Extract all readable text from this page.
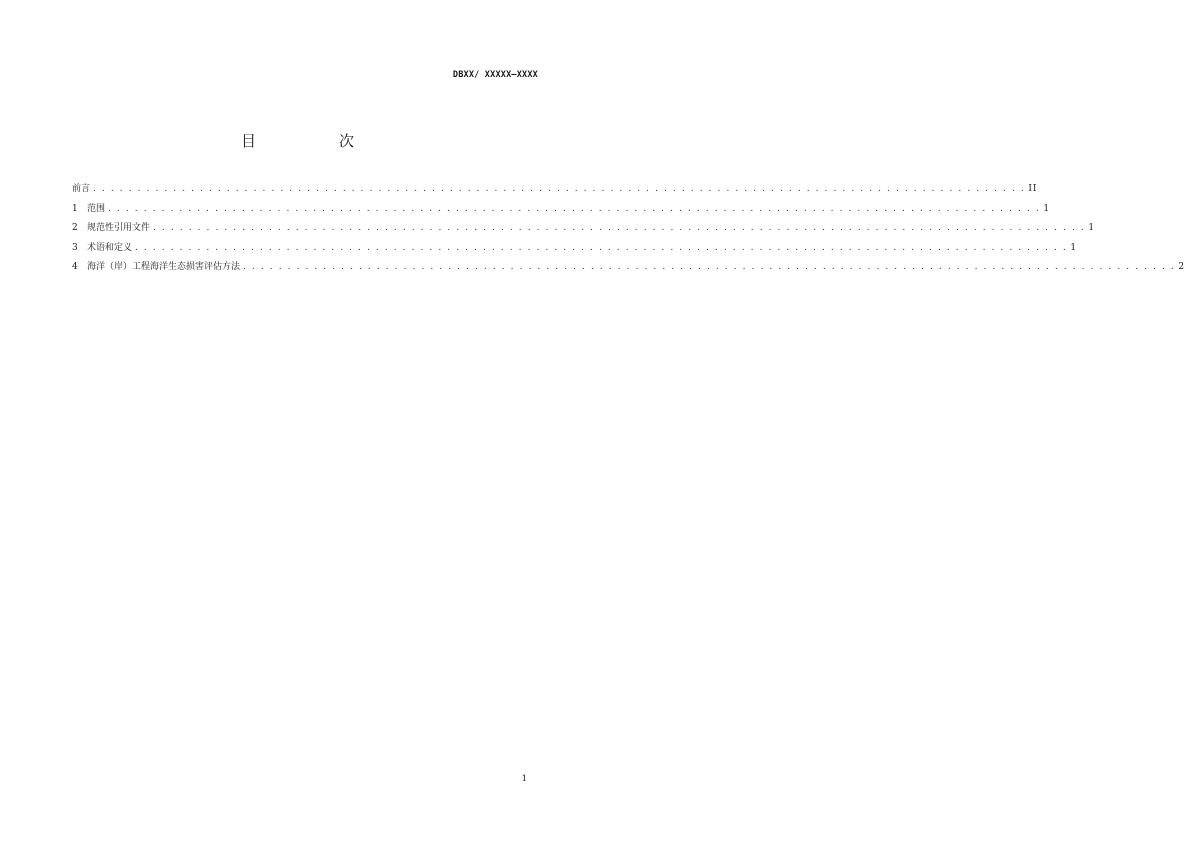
DBXX/ XXXXX—XXXX
目　次
前言 . . . . . . . . . . . . . . . . . . . . . . . . . . . . . . . . . . . . . . . . . . . . . . . . . . . . . . . . . . . . . . . . . . . . . . . . . . . . . . . . . . . . . . . . . . . . . . . . . . . . . . . . . II
1	范围 . . . . . . . . . . . . . . . . . . . . . . . . . . . . . . . . . . . . . . . . . . . . . . . . . . . . . . . . . . . . . . . . . . . . . . . . . . . . . . . . . . . . . . . . . . . . . . . . . . . . . . . . . 1
2	规范性引用文件 . . . . . . . . . . . . . . . . . . . . . . . . . . . . . . . . . . . . . . . . . . . . . . . . . . . . . . . . . . . . . . . . . . . . . . . . . . . . . . . . . . . . . . . . . . . . . . . . . . . . . . . . . 1
3	术语和定义 . . . . . . . . . . . . . . . . . . . . . . . . . . . . . . . . . . . . . . . . . . . . . . . . . . . . . . . . . . . . . . . . . . . . . . . . . . . . . . . . . . . . . . . . . . . . . . . . . . . . . . . . . 1
4	海洋（岸）工程海洋生态损害评估方法 . . . . . . . . . . . . . . . . . . . . . . . . . . . . . . . . . . . . . . . . . . . . . . . . . . . . . . . . . . . . . . . . . . . . . . . . . . . . . . . . . . . . . . . . . . . . . . . . . . . . . . . . . 2
1
